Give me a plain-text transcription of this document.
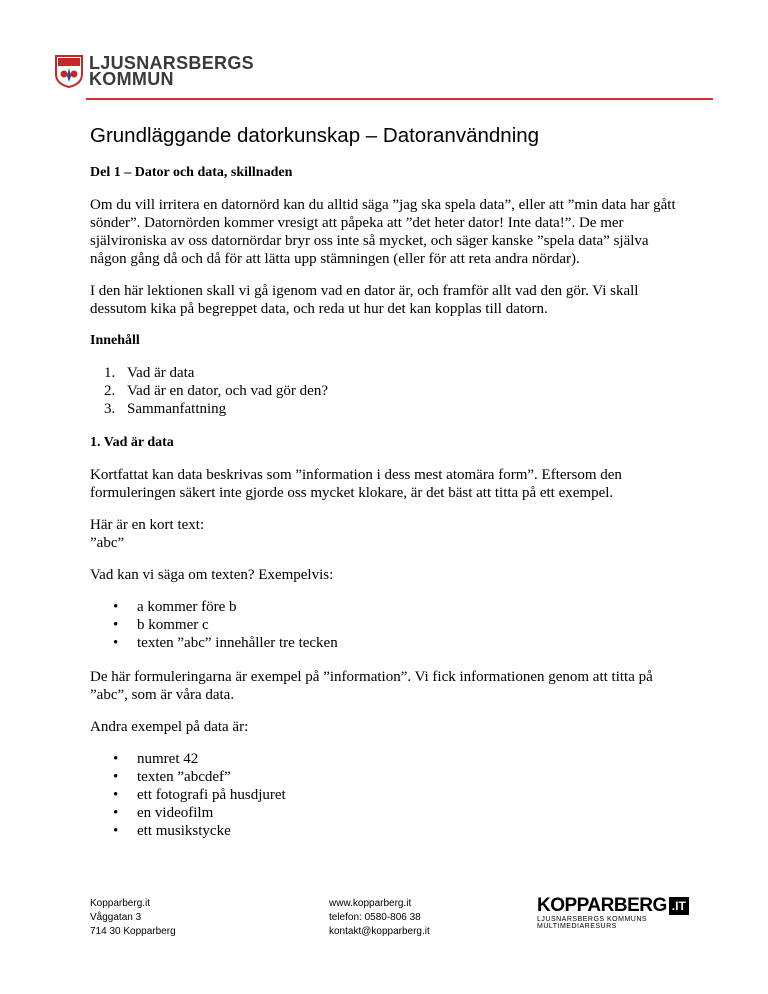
LJUSNARSBERGS
KOMMUN
Grundläggande datorkunskap – Datoranvändning
Del 1 – Dator och data, skillnaden

Om du vill irritera en datornörd kan du alltid säga ”jag ska spela data”, eller att ”min data har gått sönder”. Datornörden kommer vresigt att påpeka att ”det heter dator! Inte data!”. De mer självironiska av oss datornördar bryr oss inte så mycket, och säger kanske ”spela data” själva någon gång då och då för att lätta upp stämningen (eller för att reta andra nördar).

I den här lektionen skall vi gå igenom vad en dator är, och framför allt vad den gör. Vi skall dessutom kika på begreppet data, och reda ut hur det kan kopplas till datorn.

Innehåll
1. Vad är data
2. Vad är en dator, och vad gör den?
3. Sammanfattning
1. Vad är data

Kortfattat kan data beskrivas som ”information i dess mest atomära form”. Eftersom den formuleringen säkert inte gjorde oss mycket klokare, är det bäst att titta på ett exempel.

Här är en kort text:
”abc”

Vad kan vi säga om texten? Exempelvis:

• a kommer före b
• b kommer c
• texten ”abc” innehåller tre tecken

De här formuleringarna är exempel på ”information”. Vi fick informationen genom att titta på ”abc”, som är våra data.

Andra exempel på data är:

• numret 42
• texten ”abcdef”
• ett fotografi på husdjuret
• en videofilm
• ett musikstycke
Kopparberg.it
Våggatan 3
714 30 Kopparberg
www.kopparberg.it
telefon: 0580-806 38
kontakt@kopparberg.it
KOPPARBERG .IT
LJUSNARSBERGS KOMMUNS
MULTIMEDIARESURS
